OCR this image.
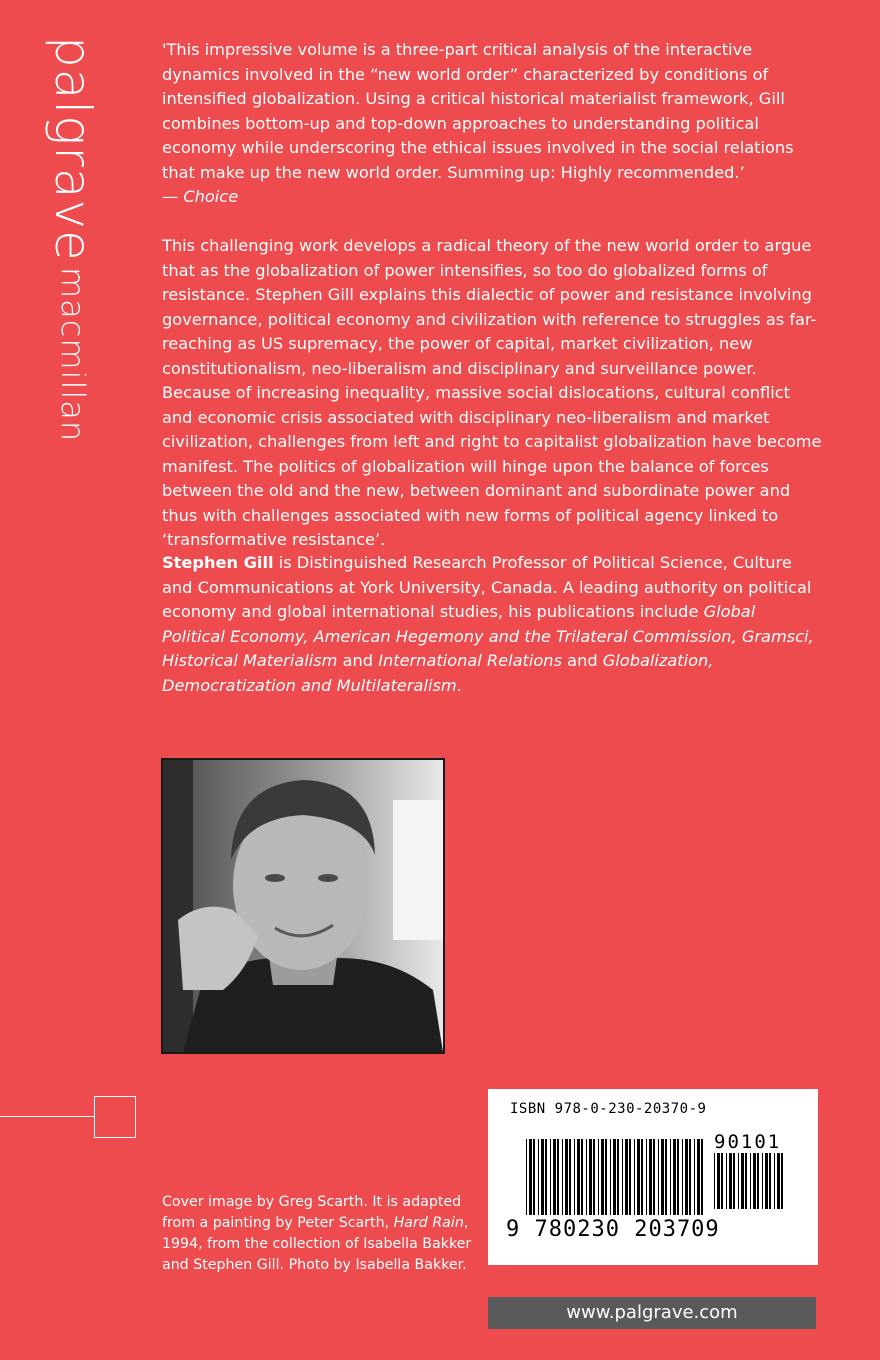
palgrave macmillan

'This impressive volume is a three-part critical analysis of the interactive dynamics involved in the “new world order” characterized by conditions of intensified globalization. Using a critical historical materialist framework, Gill combines bottom-up and top-down approaches to understanding political economy while underscoring the ethical issues involved in the social relations that make up the new world order. Summing up: Highly recommended.’
— Choice

This challenging work develops a radical theory of the new world order to argue that as the globalization of power intensifies, so too do globalized forms of resistance. Stephen Gill explains this dialectic of power and resistance involving governance, political economy and civilization with reference to struggles as far-reaching as US supremacy, the power of capital, market civilization, new constitutionalism, neo-liberalism and disciplinary and surveillance power. Because of increasing inequality, massive social dislocations, cultural conflict and economic crisis associated with disciplinary neo-liberalism and market civilization, challenges from left and right to capitalist globalization have become manifest. The politics of globalization will hinge upon the balance of forces between the old and the new, between dominant and subordinate power and thus with challenges associated with new forms of political agency linked to ‘transformative resistance’.

Stephen Gill is Distinguished Research Professor of Political Science, Culture and Communications at York University, Canada. A leading authority on political economy and global international studies, his publications include Global Political Economy, American Hegemony and the Trilateral Commission, Gramsci, Historical Materialism and International Relations and Globalization, Democratization and Multilateralism.

Cover image by Greg Scarth. It is adapted from a painting by Peter Scarth, Hard Rain, 1994, from the collection of Isabella Bakker and Stephen Gill. Photo by Isabella Bakker.
ISBN 978-0-230-20370-9
90101
9 780230 203709
www.palgrave.com
